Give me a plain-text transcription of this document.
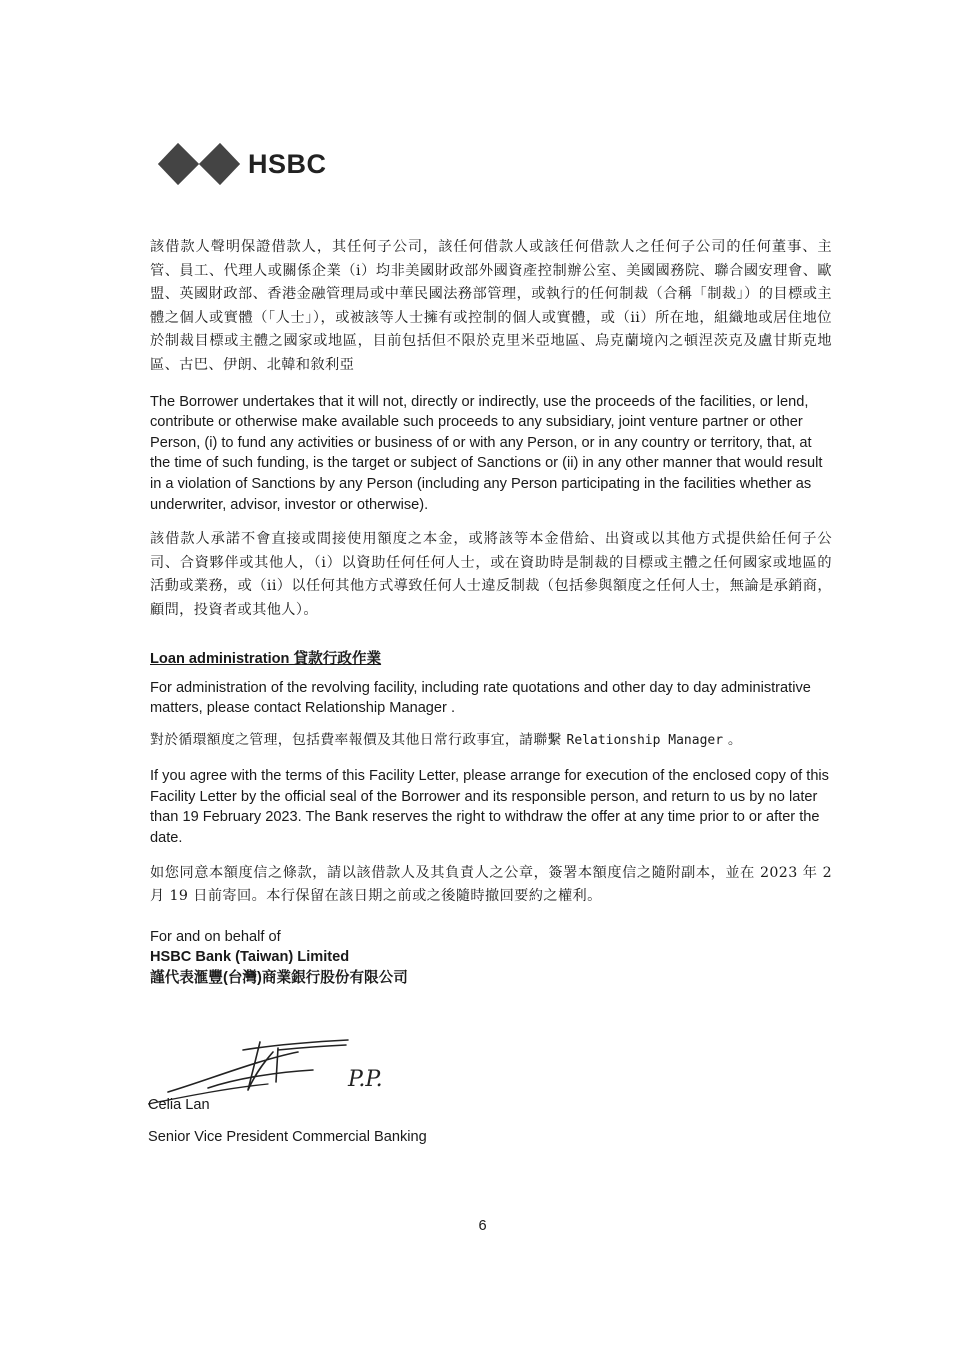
HSBC

該借款人聲明保證借款人，其任何子公司，該任何借款人或該任何借款人之任何子公司的任何董事、主管、員工、代理人或關係企業（i）均非美國財政部外國資產控制辦公室、美國國務院、聯合國安理會、歐盟、英國財政部、香港金融管理局或中華民國法務部管理，或執行的任何制裁（合稱「制裁」）的目標或主體之個人或實體（「人士」），或被該等人士擁有或控制的個人或實體，或（ii）所在地，組織地或居住地位於制裁目標或主體之國家或地區，目前包括但不限於克里米亞地區、烏克蘭境內之頓涅茨克及盧甘斯克地區、古巴、伊朗、北韓和敘利亞

The Borrower undertakes that it will not, directly or indirectly, use the proceeds of the facilities, or lend, contribute or otherwise make available such proceeds to any subsidiary, joint venture partner or other Person, (i) to fund any activities or business of or with any Person, or in any country or territory, that, at the time of such funding, is the target or subject of Sanctions or (ii) in any other manner that would result in a violation of Sanctions by any Person (including any Person participating in the facilities whether as underwriter, advisor, investor or otherwise).

該借款人承諾不會直接或間接使用額度之本金，或將該等本金借給、出資或以其他方式提供給任何子公司、合資夥伴或其他人，（i）以資助任何任何人士，或在資助時是制裁的目標或主體之任何國家或地區的活動或業務，或（ii）以任何其他方式導致任何人士違反制裁（包括參與額度之任何人士，無論是承銷商，顧問，投資者或其他人）。

Loan administration 貸款行政作業

For administration of the revolving facility, including rate quotations and other day to day administrative matters, please contact Relationship Manager .

對於循環額度之管理，包括費率報價及其他日常行政事宜，請聯繫 Relationship Manager 。

If you agree with the terms of this Facility Letter, please arrange for execution of the enclosed copy of this Facility Letter by the official seal of the Borrower and its responsible person, and return to us by no later than 19 February 2023. The Bank reserves the right to withdraw the offer at any time prior to or after the date.

如您同意本額度信之條款，請以該借款人及其負責人之公章，簽署本額度信之隨附副本，並在 2023 年 2 月 19 日前寄回。本行保留在該日期之前或之後隨時撤回要約之權利。

For and on behalf of
HSBC Bank (Taiwan) Limited
謹代表滙豐(台灣)商業銀行股份有限公司
P.P.
Celia Lan
Senior Vice President Commercial Banking
6
